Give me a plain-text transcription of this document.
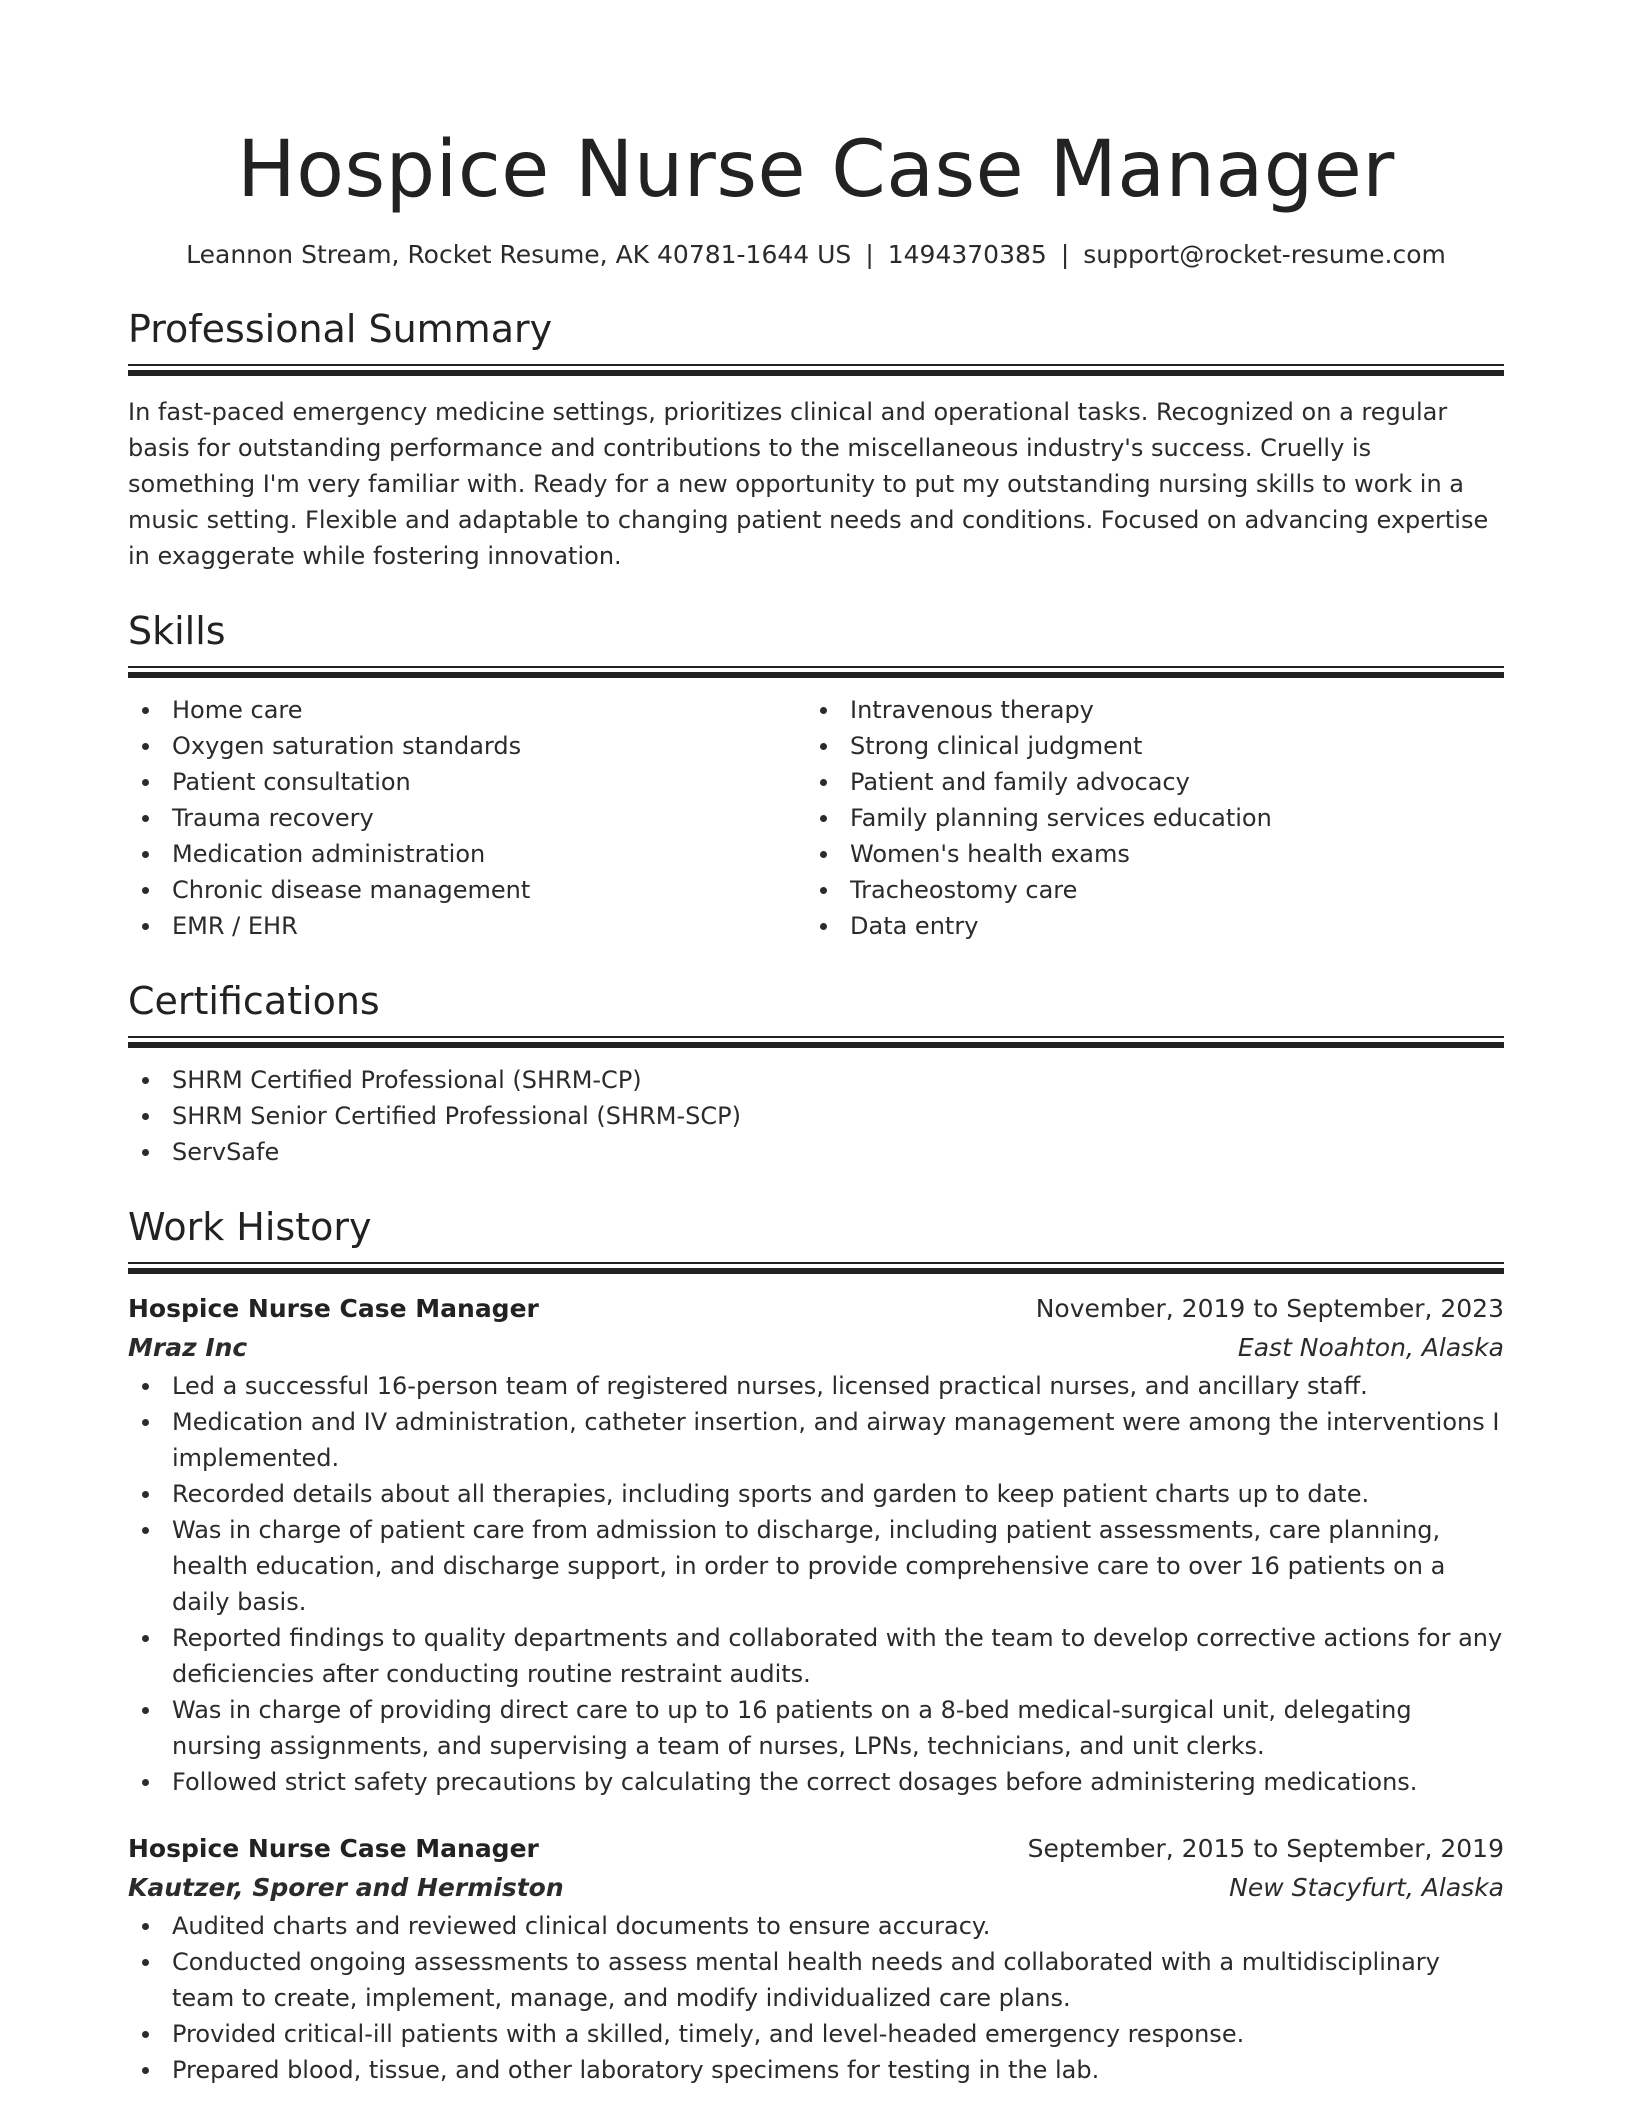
Hospice Nurse Case Manager
Leannon Stream, Rocket Resume, AK 40781-1644 US | 1494370385 | support@rocket-resume.com
Professional Summary

In fast-paced emergency medicine settings, prioritizes clinical and operational tasks. Recognized on a regular basis for outstanding performance and contributions to the miscellaneous industry's success. Cruelly is something I'm very familiar with. Ready for a new opportunity to put my outstanding nursing skills to work in a music setting. Flexible and adaptable to changing patient needs and conditions. Focused on advancing expertise in exaggerate while fostering innovation.

Skills
Home care
Oxygen saturation standards
Patient consultation
Trauma recovery
Medication administration
Chronic disease management
EMR / EHR
Intravenous therapy
Strong clinical judgment
Patient and family advocacy
Family planning services education
Women's health exams
Tracheostomy care
Data entry
Certifications
SHRM Certified Professional (SHRM-CP)
SHRM Senior Certified Professional (SHRM-SCP)
ServSafe
Work History
Hospice Nurse Case Manager	November, 2019 to September, 2023
Mraz Inc	East Noahton, Alaska
Led a successful 16-person team of registered nurses, licensed practical nurses, and ancillary staff.
Medication and IV administration, catheter insertion, and airway management were among the interventions I implemented.
Recorded details about all therapies, including sports and garden to keep patient charts up to date.
Was in charge of patient care from admission to discharge, including patient assessments, care planning, health education, and discharge support, in order to provide comprehensive care to over 16 patients on a daily basis.
Reported findings to quality departments and collaborated with the team to develop corrective actions for any deficiencies after conducting routine restraint audits.
Was in charge of providing direct care to up to 16 patients on a 8-bed medical-surgical unit, delegating nursing assignments, and supervising a team of nurses, LPNs, technicians, and unit clerks.
Followed strict safety precautions by calculating the correct dosages before administering medications.
Hospice Nurse Case Manager	September, 2015 to September, 2019
Kautzer, Sporer and Hermiston	New Stacyfurt, Alaska
Audited charts and reviewed clinical documents to ensure accuracy.
Conducted ongoing assessments to assess mental health needs and collaborated with a multidisciplinary team to create, implement, manage, and modify individualized care plans.
Provided critical-ill patients with a skilled, timely, and level-headed emergency response.
Prepared blood, tissue, and other laboratory specimens for testing in the lab.
